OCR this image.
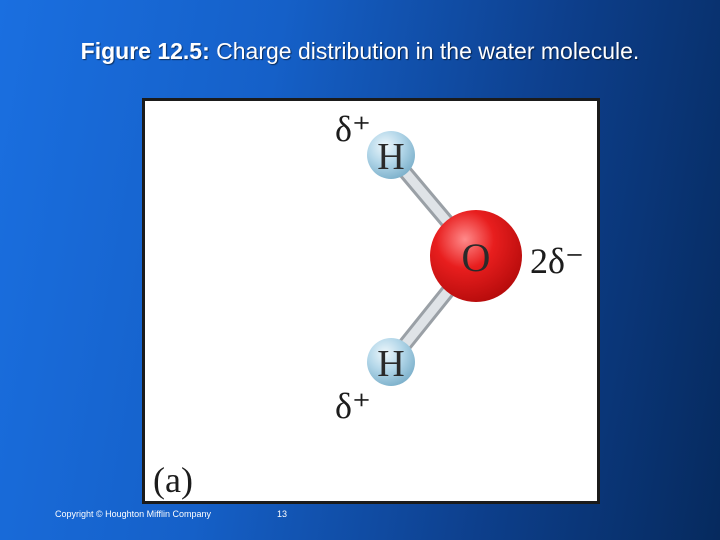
Figure 12.5: Charge distribution in the water molecule.
O
H
H
δ⁺
2δ⁻
δ⁺
(a)
Copyright © Houghton Mifflin Company	13
